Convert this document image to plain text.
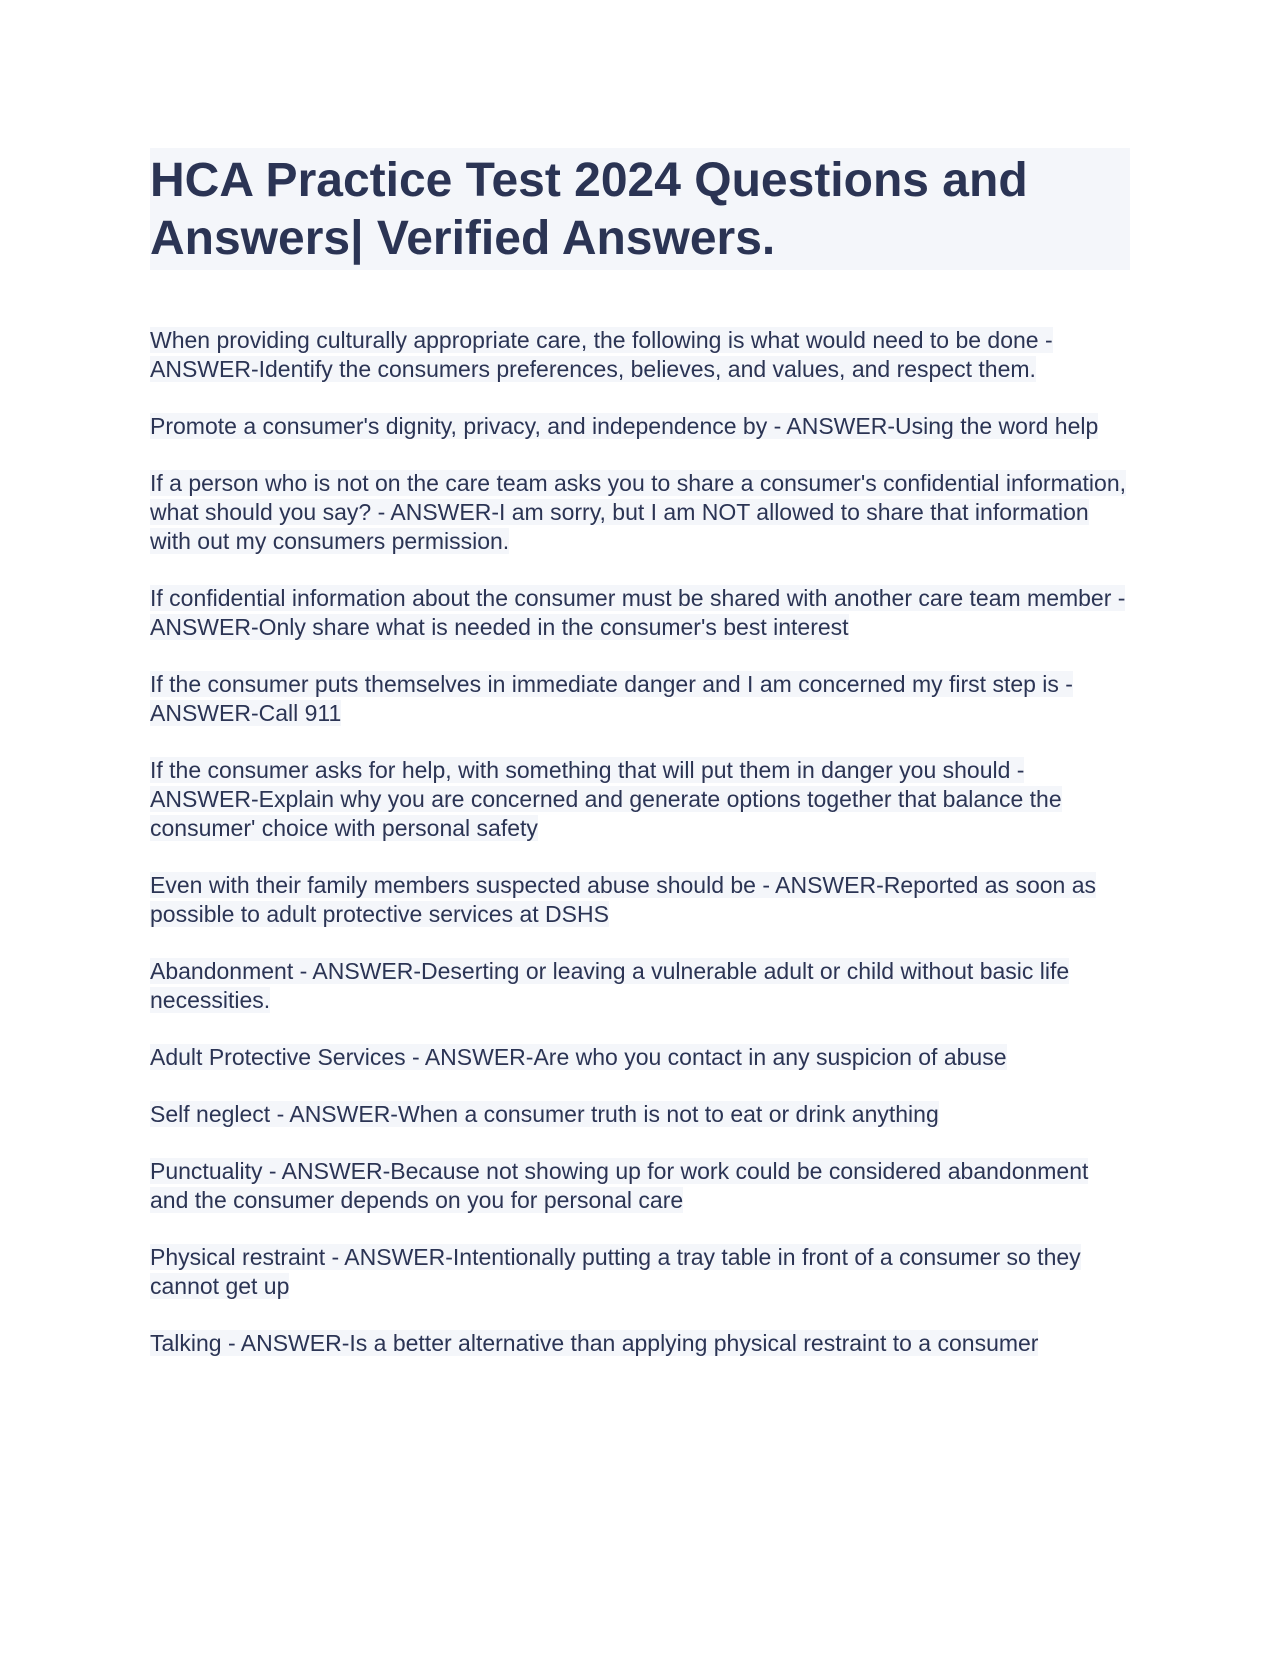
HCA Practice Test 2024 Questions and Answers| Verified Answers.

When providing culturally appropriate care, the following is what would need to be done - ANSWER-Identify the consumers preferences, believes, and values, and respect them.

Promote a consumer's dignity, privacy, and independence by - ANSWER-Using the word help

If a person who is not on the care team asks you to share a consumer's confidential information, what should you say? - ANSWER-I am sorry, but I am NOT allowed to share that information with out my consumers permission.

If confidential information about the consumer must be shared with another care team member - ANSWER-Only share what is needed in the consumer's best interest

If the consumer puts themselves in immediate danger and I am concerned my first step is - ANSWER-Call 911

If the consumer asks for help, with something that will put them in danger you should - ANSWER-Explain why you are concerned and generate options together that balance the consumer' choice with personal safety

Even with their family members suspected abuse should be - ANSWER-Reported as soon as possible to adult protective services at DSHS

Abandonment - ANSWER-Deserting or leaving a vulnerable adult or child without basic life necessities.

Adult Protective Services - ANSWER-Are who you contact in any suspicion of abuse

Self neglect - ANSWER-When a consumer truth is not to eat or drink anything

Punctuality - ANSWER-Because not showing up for work could be considered abandonment and the consumer depends on you for personal care

Physical restraint - ANSWER-Intentionally putting a tray table in front of a consumer so they cannot get up

Talking - ANSWER-Is a better alternative than applying physical restraint to a consumer
